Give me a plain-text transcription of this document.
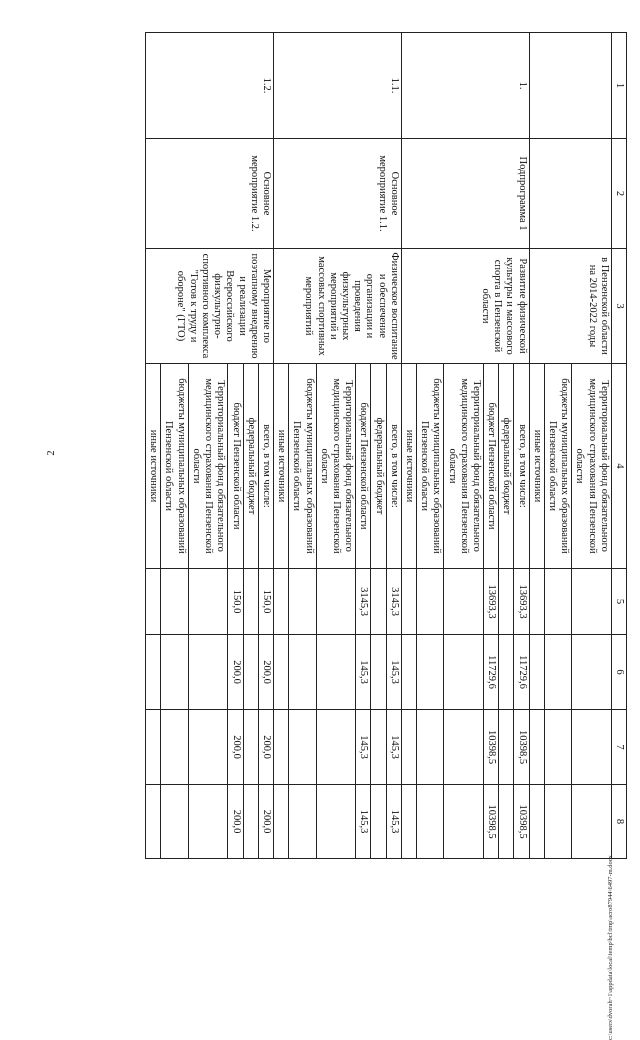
2
1	2	3	4	5	6	7	8
		в Пензенской области на 2014-2022 годы	Территориальный фонд обязательного медицинского страхования Пензенской области				
			бюджеты муниципальных образований Пензенской области				
			иные источники				
1.	Подпрограмма 1	Развитие физической культуры и массового спорта в Пензенской области	всего, в том числе:	13693,3	11729,6	10398,5	10398,5
			федеральный бюджет				
			бюджет Пензенской области	13693,3	11729,6	10398,5	10398,5
			Территориальный фонд обязательного медицинского страхования Пензенской области				
			бюджеты муниципальных образований Пензенской области				
			иные источники				
1.1.	Основное мероприятие 1.1.	Физическое воспитание и обеспечение организации и проведения физкультурных мероприятий и массовых спортивных мероприятий	всего, в том числе:	3145,3	145,3	145,3	145,3
			федеральный бюджет				
			бюджет Пензенской области	3145,3	145,3	145,3	145,3
			Территориальный фонд обязательного медицинского страхования Пензенской области				
			бюджеты муниципальных образований Пензенской области				
			иные источники				
1.2.	Основное мероприятие 1.2.	Мероприятие по поэтапному внедрению и реализации Всероссийского физкультурно-спортивного комплекса "Готов к труду и обороне" (ГТО)	всего, в том числе:	150,0	200,0	200,0	200,0
			федеральный бюджет				
			бюджет Пензенской области	150,0	200,0	200,0	200,0
			Территориальный фонд обязательного медицинского страхования Пензенской области				
			бюджеты муниципальных образований Пензенской области				
			иные источники				
c:\users\dvorah~1\appdata\local\temp\bcl\tmp\acro87944\6497-m.docx
